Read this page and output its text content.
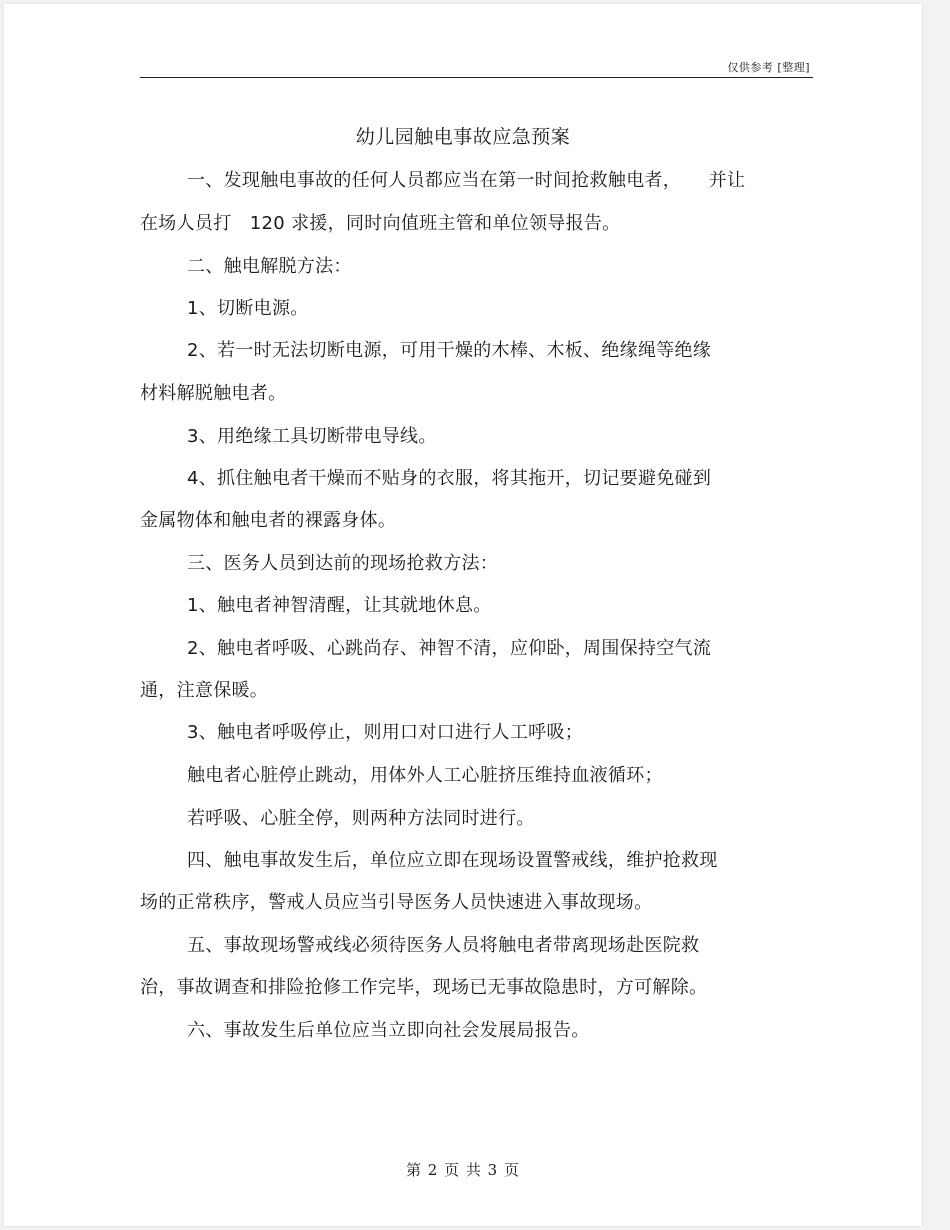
仅供参考 [整理]
幼儿园触电事故应急预案
一、发现触电事故的任何人员都应当在第一时间抢救触电者，　　并让
在场人员打　120 求援，同时向值班主管和单位领导报告。
二、触电解脱方法：
1、切断电源。
2、若一时无法切断电源，可用干燥的木棒、木板、绝缘绳等绝缘
材料解脱触电者。
3、用绝缘工具切断带电导线。
4、抓住触电者干燥而不贴身的衣服，将其拖开，切记要避免碰到
金属物体和触电者的裸露身体。
三、医务人员到达前的现场抢救方法：
1、触电者神智清醒，让其就地休息。
2、触电者呼吸、心跳尚存、神智不清，应仰卧，周围保持空气流
通，注意保暖。
3、触电者呼吸停止，则用口对口进行人工呼吸；
触电者心脏停止跳动，用体外人工心脏挤压维持血液循环；
若呼吸、心脏全停，则两种方法同时进行。
四、触电事故发生后，单位应立即在现场设置警戒线，维护抢救现
场的正常秩序，警戒人员应当引导医务人员快速进入事故现场。
五、事故现场警戒线必须待医务人员将触电者带离现场赴医院救
治，事故调查和排险抢修工作完毕，现场已无事故隐患时，方可解除。
六、事故发生后单位应当立即向社会发展局报告。
第 2 页 共 3 页
